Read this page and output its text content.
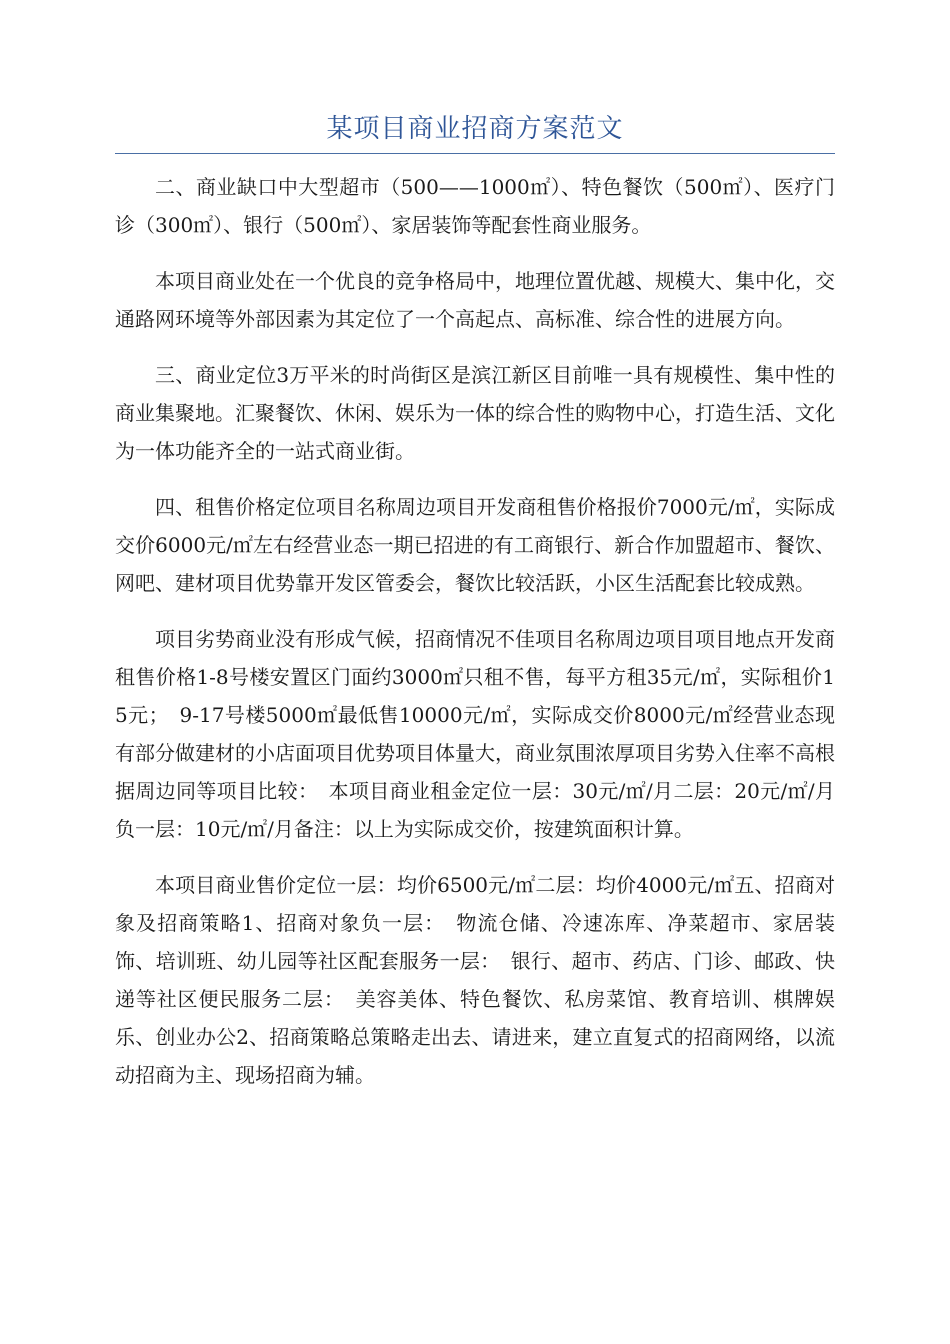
某项目商业招商方案范文

二、商业缺口中大型超市（500——1000㎡）、特色餐饮（500㎡）、医疗门诊（300㎡）、银行（500㎡）、家居装饰等配套性商业服务。

本项目商业处在一个优良的竞争格局中，地理位置优越、规模大、集中化，交通路网环境等外部因素为其定位了一个高起点、高标准、综合性的进展方向。

三、商业定位3万平米的时尚街区是滨江新区目前唯一具有规模性、集中性的商业集聚地。汇聚餐饮、休闲、娱乐为一体的综合性的购物中心，打造生活、文化为一体功能齐全的一站式商业街。

四、租售价格定位项目名称周边项目开发商租售价格报价7000元/㎡，实际成交价6000元/㎡左右经营业态一期已招进的有工商银行、新合作加盟超市、餐饮、网吧、建材项目优势靠开发区管委会，餐饮比较活跃，小区生活配套比较成熟。

项目劣势商业没有形成气候，招商情况不佳项目名称周边项目项目地点开发商租售价格1-8号楼安置区门面约3000㎡只租不售，每平方租35元/㎡，实际租价15元；　9-17号楼5000㎡最低售10000元/㎡，实际成交价8000元/㎡经营业态现有部分做建材的小店面项目优势项目体量大，商业氛围浓厚项目劣势入住率不高根据周边同等项目比较：　本项目商业租金定位一层：30元/㎡/月二层：20元/㎡/月负一层：10元/㎡/月备注：以上为实际成交价，按建筑面积计算。

本项目商业售价定位一层：均价6500元/㎡二层：均价4000元/㎡五、招商对象及招商策略1、招商对象负一层：　物流仓储、冷速冻库、净菜超市、家居装饰、培训班、幼儿园等社区配套服务一层：　银行、超市、药店、门诊、邮政、快递等社区便民服务二层：　美容美体、特色餐饮、私房菜馆、教育培训、棋牌娱乐、创业办公2、招商策略总策略走出去、请进来，建立直复式的招商网络，以流动招商为主、现场招商为辅。
